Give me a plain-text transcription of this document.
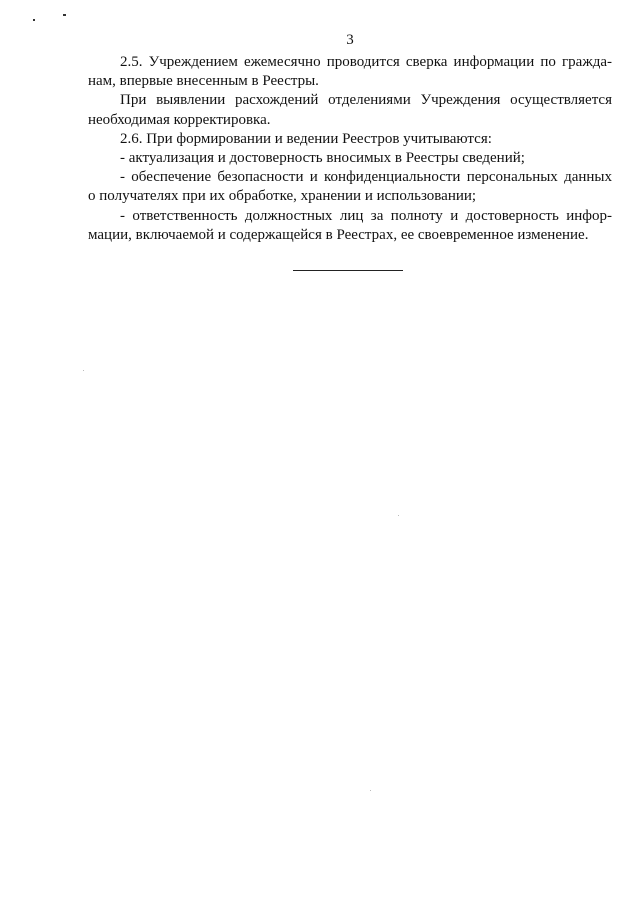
3

2.5. Учреждением ежемесячно проводится сверка информации по гражда-
нам, впервые внесенным в Реестры.

При выявлении расхождений отделениями Учреждения осуществляется
необходимая корректировка.

2.6. При формировании и ведении Реестров учитываются:

- актуализация и достоверность вносимых в Реестры сведений;

- обеспечение безопасности и конфиденциальности персональных данных
о получателях при их обработке, хранении и использовании;

- ответственность должностных лиц за полноту и достоверность инфор-
мации, включаемой и содержащейся в Реестрах, ее своевременное изменение.
